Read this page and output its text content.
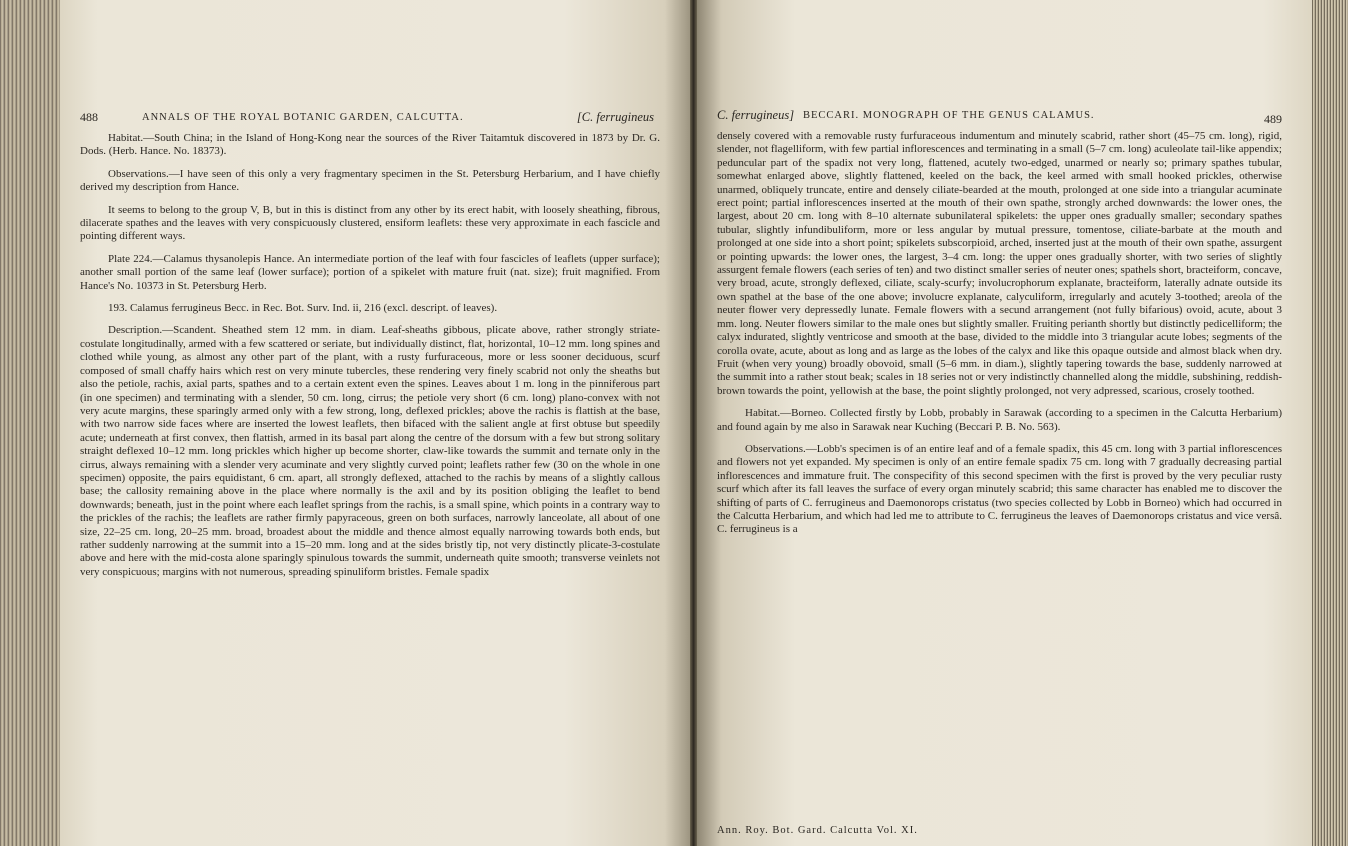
488	ANNALS OF THE ROYAL BOTANIC GARDEN, CALCUTTA.	[C. ferrugineus

Habitat.—South China; in the Island of Hong-Kong near the sources of the River Taitamtuk discovered in 1873 by Dr. G. Dods. (Herb. Hance. No. 18373).

Observations.—I have seen of this only a very fragmentary specimen in the St. Petersburg Herbarium, and I have chiefly derived my description from Hance.

It seems to belong to the group V, B, but in this is distinct from any other by its erect habit, with loosely sheathing, fibrous, dilacerate spathes and the leaves with very conspicuously clustered, ensiform leaflets: these very approximate in each fascicle and pointing different ways.

Plate 224.—Calamus thysanolepis Hance. An intermediate portion of the leaf with four fascicles of leaflets (upper surface); another small portion of the same leaf (lower surface); portion of a spikelet with mature fruit (nat. size); fruit magnified. From Hance's No. 10373 in St. Petersburg Herb.

193. Calamus ferrugineus Becc. in Rec. Bot. Surv. Ind. ii, 216 (excl. descript. of leaves).

Description.—Scandent. Sheathed stem 12 mm. in diam. Leaf-sheaths gibbous, plicate above, rather strongly striate-costulate longitudinally, armed with a few scattered or seriate, but individually distinct, flat, horizontal, 10–12 mm. long spines and clothed while young, as almost any other part of the plant, with a rusty furfuraceous, more or less sooner deciduous, scurf composed of small chaffy hairs which rest on very minute tubercles, these rendering very finely scabrid not only the sheaths but also the petiole, rachis, axial parts, spathes and to a certain extent even the spines. Leaves about 1 m. long in the pinniferous part (in one specimen) and terminating with a slender, 50 cm. long, cirrus; the petiole very short (6 cm. long) plano-convex with not very acute margins, these sparingly armed only with a few strong, long, deflexed prickles; above the rachis is flattish at the base, with two narrow side faces where are inserted the lowest leaflets, then bifaced with the salient angle at first obtuse but speedily acute; underneath at first convex, then flattish, armed in its basal part along the centre of the dorsum with a few but strong solitary straight deflexed 10–12 mm. long prickles which higher up become shorter, claw-like towards the summit and ternate only in the cirrus, always remaining with a slender very acuminate and very slightly curved point; leaflets rather few (30 on the whole in one specimen) opposite, the pairs equidistant, 6 cm. apart, all strongly deflexed, attached to the rachis by means of a slightly callous base; the callosity remaining above in the place where normally is the axil and by its position obliging the leaflet to bend downwards; beneath, just in the point where each leaflet springs from the rachis, is a small spine, which points in a contrary way to the prickles of the rachis; the leaflets are rather firmly papyraceous, green on both surfaces, narrowly lanceolate, all about of one size, 22–25 cm. long, 20–25 mm. broad, broadest about the middle and thence almost equally narrowing towards both ends, but rather suddenly narrowing at the summit into a 15–20 mm. long and at the sides bristly tip, not very distinctly plicate-3-costulate above and here with the mid-costa alone sparingly spinulous towards the summit, underneath quite smooth; transverse veinlets not very conspicuous; margins with not numerous, spreading spinuliform bristles. Female spadix

C. ferrugineus] BECCARI. MONOGRAPH OF THE GENUS CALAMUS.	489

densely covered with a removable rusty furfuraceous indumentum and minutely scabrid, rather short (45–75 cm. long), rigid, slender, not flagelliform, with few partial inflorescences and terminating in a small (5–7 cm. long) aculeolate tail-like appendix; peduncular part of the spadix not very long, flattened, acutely two-edged, unarmed or nearly so; primary spathes tubular, somewhat enlarged above, slightly flattened, keeled on the back, the keel armed with small hooked prickles, otherwise unarmed, obliquely truncate, entire and densely ciliate-bearded at the mouth, prolonged at one side into a triangular acuminate erect point; partial inflorescences inserted at the mouth of their own spathe, strongly arched downwards: the lower ones, the largest, about 20 cm. long with 8–10 alternate subunilateral spikelets: the upper ones gradually smaller; secondary spathes tubular, slightly infundibuliform, more or less angular by mutual pressure, tomentose, ciliate-barbate at the mouth and prolonged at one side into a short point; spikelets subscorpioid, arched, inserted just at the mouth of their own spathe, assurgent or pointing upwards: the lower ones, the largest, 3–4 cm. long: the upper ones gradually shorter, with two series of slightly assurgent female flowers (each series of ten) and two distinct smaller series of neuter ones; spathels short, bracteiform, concave, very broad, acute, strongly deflexed, ciliate, scaly-scurfy; involucrophorum explanate, bracteiform, laterally adnate outside its own spathel at the base of the one above; involucre explanate, calyculiform, irregularly and acutely 3-toothed; areola of the neuter flower very depressedly lunate. Female flowers with a secund arrangement (not fully bifarious) ovoid, acute, about 3 mm. long. Neuter flowers similar to the male ones but slightly smaller. Fruiting perianth shortly but distinctly pedicelliform; the calyx indurated, slightly ventricose and smooth at the base, divided to the middle into 3 triangular acute lobes; segments of the corolla ovate, acute, about as long and as large as the lobes of the calyx and like this opaque outside and almost black when dry. Fruit (when very young) broadly obovoid, small (5–6 mm. in diam.), slightly tapering towards the base, suddenly narrowed at the summit into a rather stout beak; scales in 18 series not or very indistinctly channelled along the middle, subshining, reddish-brown towards the point, yellowish at the base, the point slightly prolonged, not very adpressed, scarious, crosely toothed.

Habitat.—Borneo. Collected firstly by Lobb, probably in Sarawak (according to a specimen in the Calcutta Herbarium) and found again by me also in Sarawak near Kuching (Beccari P. B. No. 563).

Observations.—Lobb's specimen is of an entire leaf and of a female spadix, this 45 cm. long with 3 partial inflorescences and flowers not yet expanded. My specimen is only of an entire female spadix 75 cm. long with 7 gradually decreasing partial inflorescences and immature fruit. The conspecifity of this second specimen with the first is proved by the very peculiar rusty scurf which after its fall leaves the surface of every organ minutely scabrid; this same character has enabled me to discover the shifting of parts of C. ferrugineus and Daemonorops cristatus (two species collected by Lobb in Borneo) which had occurred in the Calcutta Herbarium, and which had led me to attribute to C. ferrugineus the leaves of Daemonorops cristatus and vice versâ. C. ferrugineus is a

Ann. Roy. Bot. Gard. Calcutta Vol. XI.
